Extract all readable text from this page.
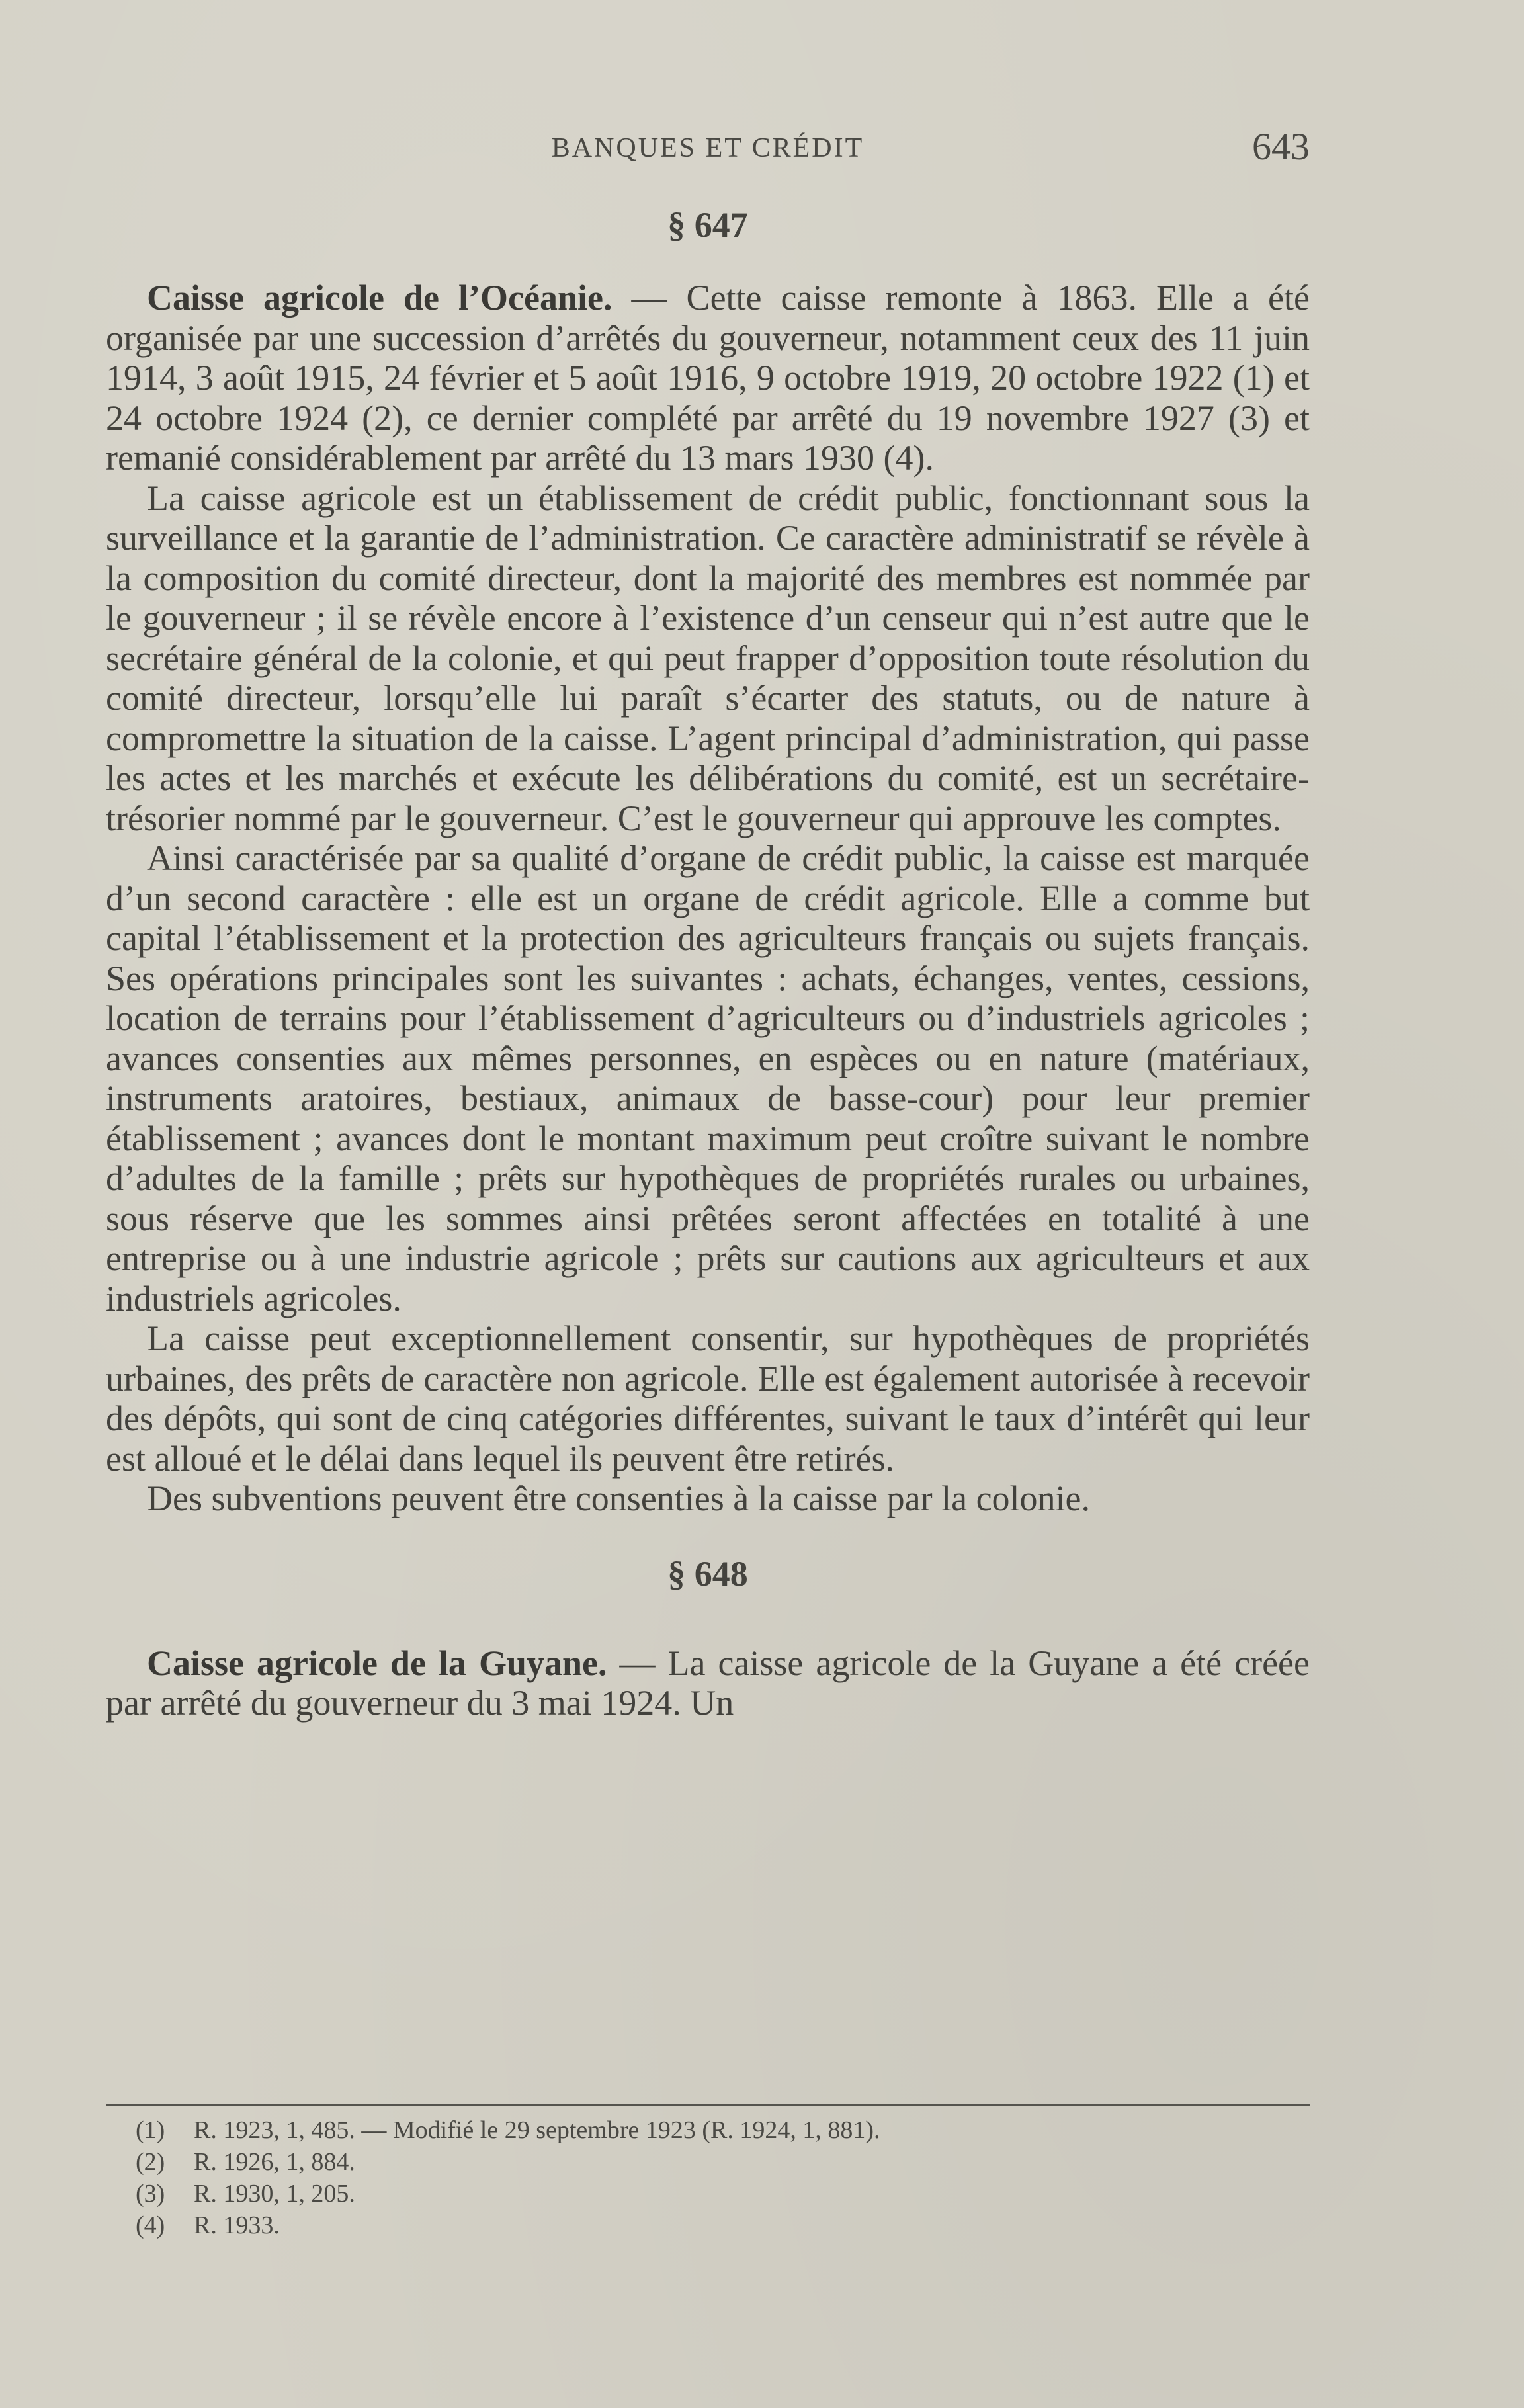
BANQUES ET CRÉDIT	643
§ 647

Caisse agricole de l’Océanie. — Cette caisse remonte à 1863. Elle a été organisée par une succession d’arrêtés du gouverneur, notamment ceux des 11 juin 1914, 3 août 1915, 24 février et 5 août 1916, 9 octobre 1919, 20 octobre 1922 (1) et 24 octobre 1924 (2), ce dernier complété par arrêté du 19 novembre 1927 (3) et remanié considérablement par arrêté du 13 mars 1930 (4).

La caisse agricole est un établissement de crédit public, fonctionnant sous la surveillance et la garantie de l’administration. Ce caractère administratif se révèle à la composition du comité directeur, dont la majorité des membres est nommée par le gouverneur ; il se révèle encore à l’existence d’un censeur qui n’est autre que le secrétaire général de la colonie, et qui peut frapper d’opposition toute résolution du comité directeur, lorsqu’elle lui paraît s’écarter des statuts, ou de nature à compromettre la situation de la caisse. L’agent principal d’administration, qui passe les actes et les marchés et exécute les délibérations du comité, est un secrétaire-trésorier nommé par le gouverneur. C’est le gouverneur qui approuve les comptes.

Ainsi caractérisée par sa qualité d’organe de crédit public, la caisse est marquée d’un second caractère : elle est un organe de crédit agricole. Elle a comme but capital l’établissement et la protection des agriculteurs français ou sujets français. Ses opérations principales sont les suivantes : achats, échanges, ventes, cessions, location de terrains pour l’établissement d’agriculteurs ou d’industriels agricoles ; avances consenties aux mêmes personnes, en espèces ou en nature (matériaux, instruments aratoires, bestiaux, animaux de basse-cour) pour leur premier établissement ; avances dont le montant maximum peut croître suivant le nombre d’adultes de la famille ; prêts sur hypothèques de propriétés rurales ou urbaines, sous réserve que les sommes ainsi prêtées seront affectées en totalité à une entreprise ou à une industrie agricole ; prêts sur cautions aux agriculteurs et aux industriels agricoles.

La caisse peut exceptionnellement consentir, sur hypothèques de propriétés urbaines, des prêts de caractère non agricole. Elle est également autorisée à recevoir des dépôts, qui sont de cinq catégories différentes, suivant le taux d’intérêt qui leur est alloué et le délai dans lequel ils peuvent être retirés.

Des subventions peuvent être consenties à la caisse par la colonie.

§ 648

Caisse agricole de la Guyane. — La caisse agricole de la Guyane a été créée par arrêté du gouverneur du 3 mai 1924. Un

(1) R. 1923, 1, 485. — Modifié le 29 septembre 1923 (R. 1924, 1, 881).
(2) R. 1926, 1, 884.
(3) R. 1930, 1, 205.
(4) R. 1933.
